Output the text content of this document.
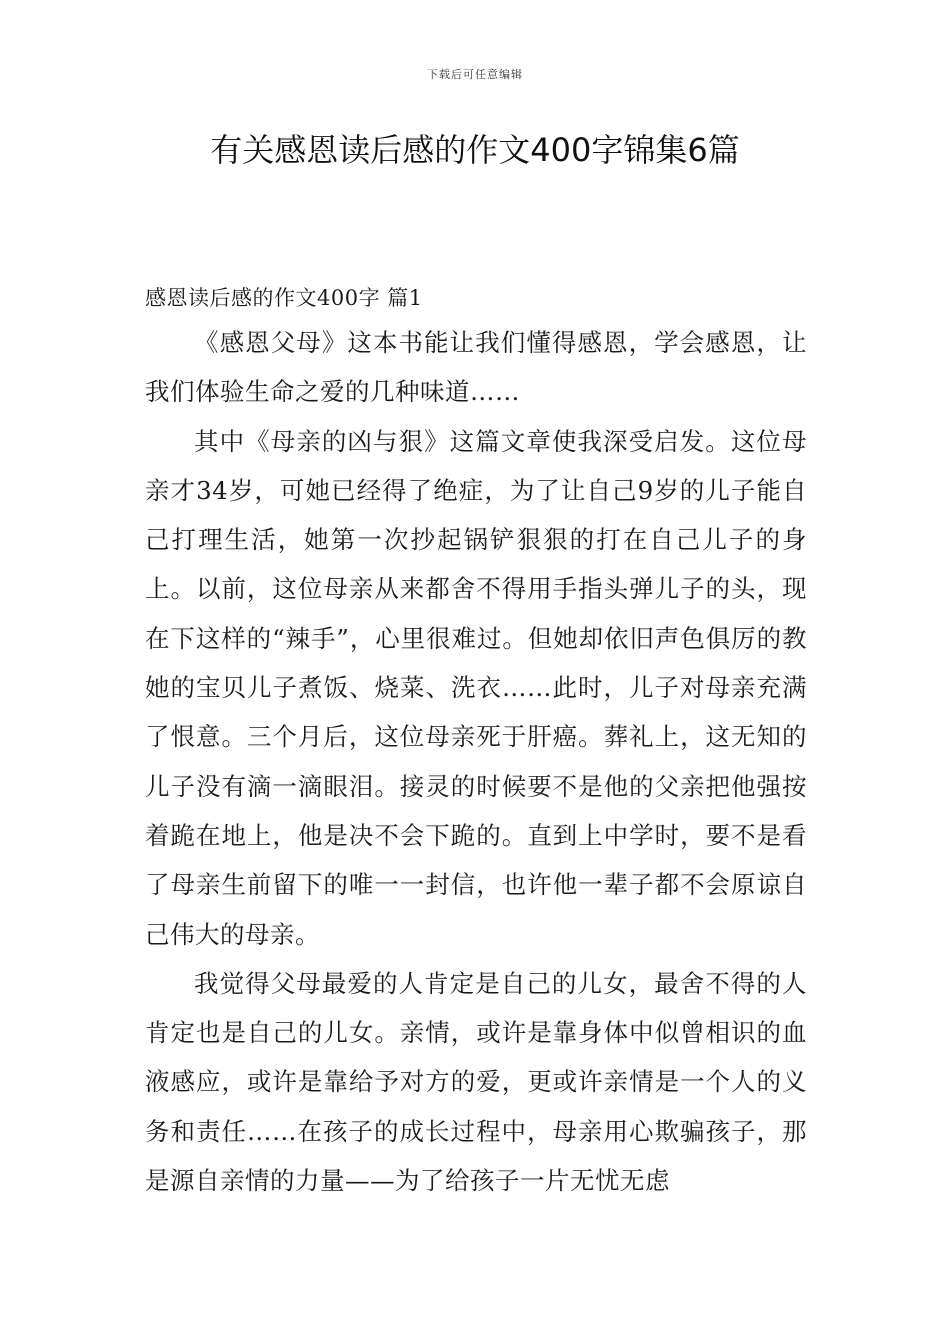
下载后可任意编辑
有关感恩读后感的作文400字锦集6篇

感恩读后感的作文400字 篇1

《感恩父母》这本书能让我们懂得感恩，学会感恩，让我们体验生命之爱的几种味道……

其中《母亲的凶与狠》这篇文章使我深受启发。这位母亲才34岁，可她已经得了绝症，为了让自己9岁的儿子能自己打理生活，她第一次抄起锅铲狠狠的打在自己儿子的身上。以前，这位母亲从来都舍不得用手指头弹儿子的头，现在下这样的“辣手”，心里很难过。但她却依旧声色俱厉的教她的宝贝儿子煮饭、烧菜、洗衣……此时，儿子对母亲充满了恨意。三个月后，这位母亲死于肝癌。葬礼上，这无知的儿子没有滴一滴眼泪。接灵的时候要不是他的父亲把他强按着跪在地上，他是决不会下跪的。直到上中学时，要不是看了母亲生前留下的唯一一封信，也许他一辈子都不会原谅自己伟大的母亲。

我觉得父母最爱的人肯定是自己的儿女，最舍不得的人肯定也是自己的儿女。亲情，或许是靠身体中似曾相识的血液感应，或许是靠给予对方的爱，更或许亲情是一个人的义务和责任……在孩子的成长过程中，母亲用心欺骗孩子，那是源自亲情的力量——为了给孩子一片无忧无虑
